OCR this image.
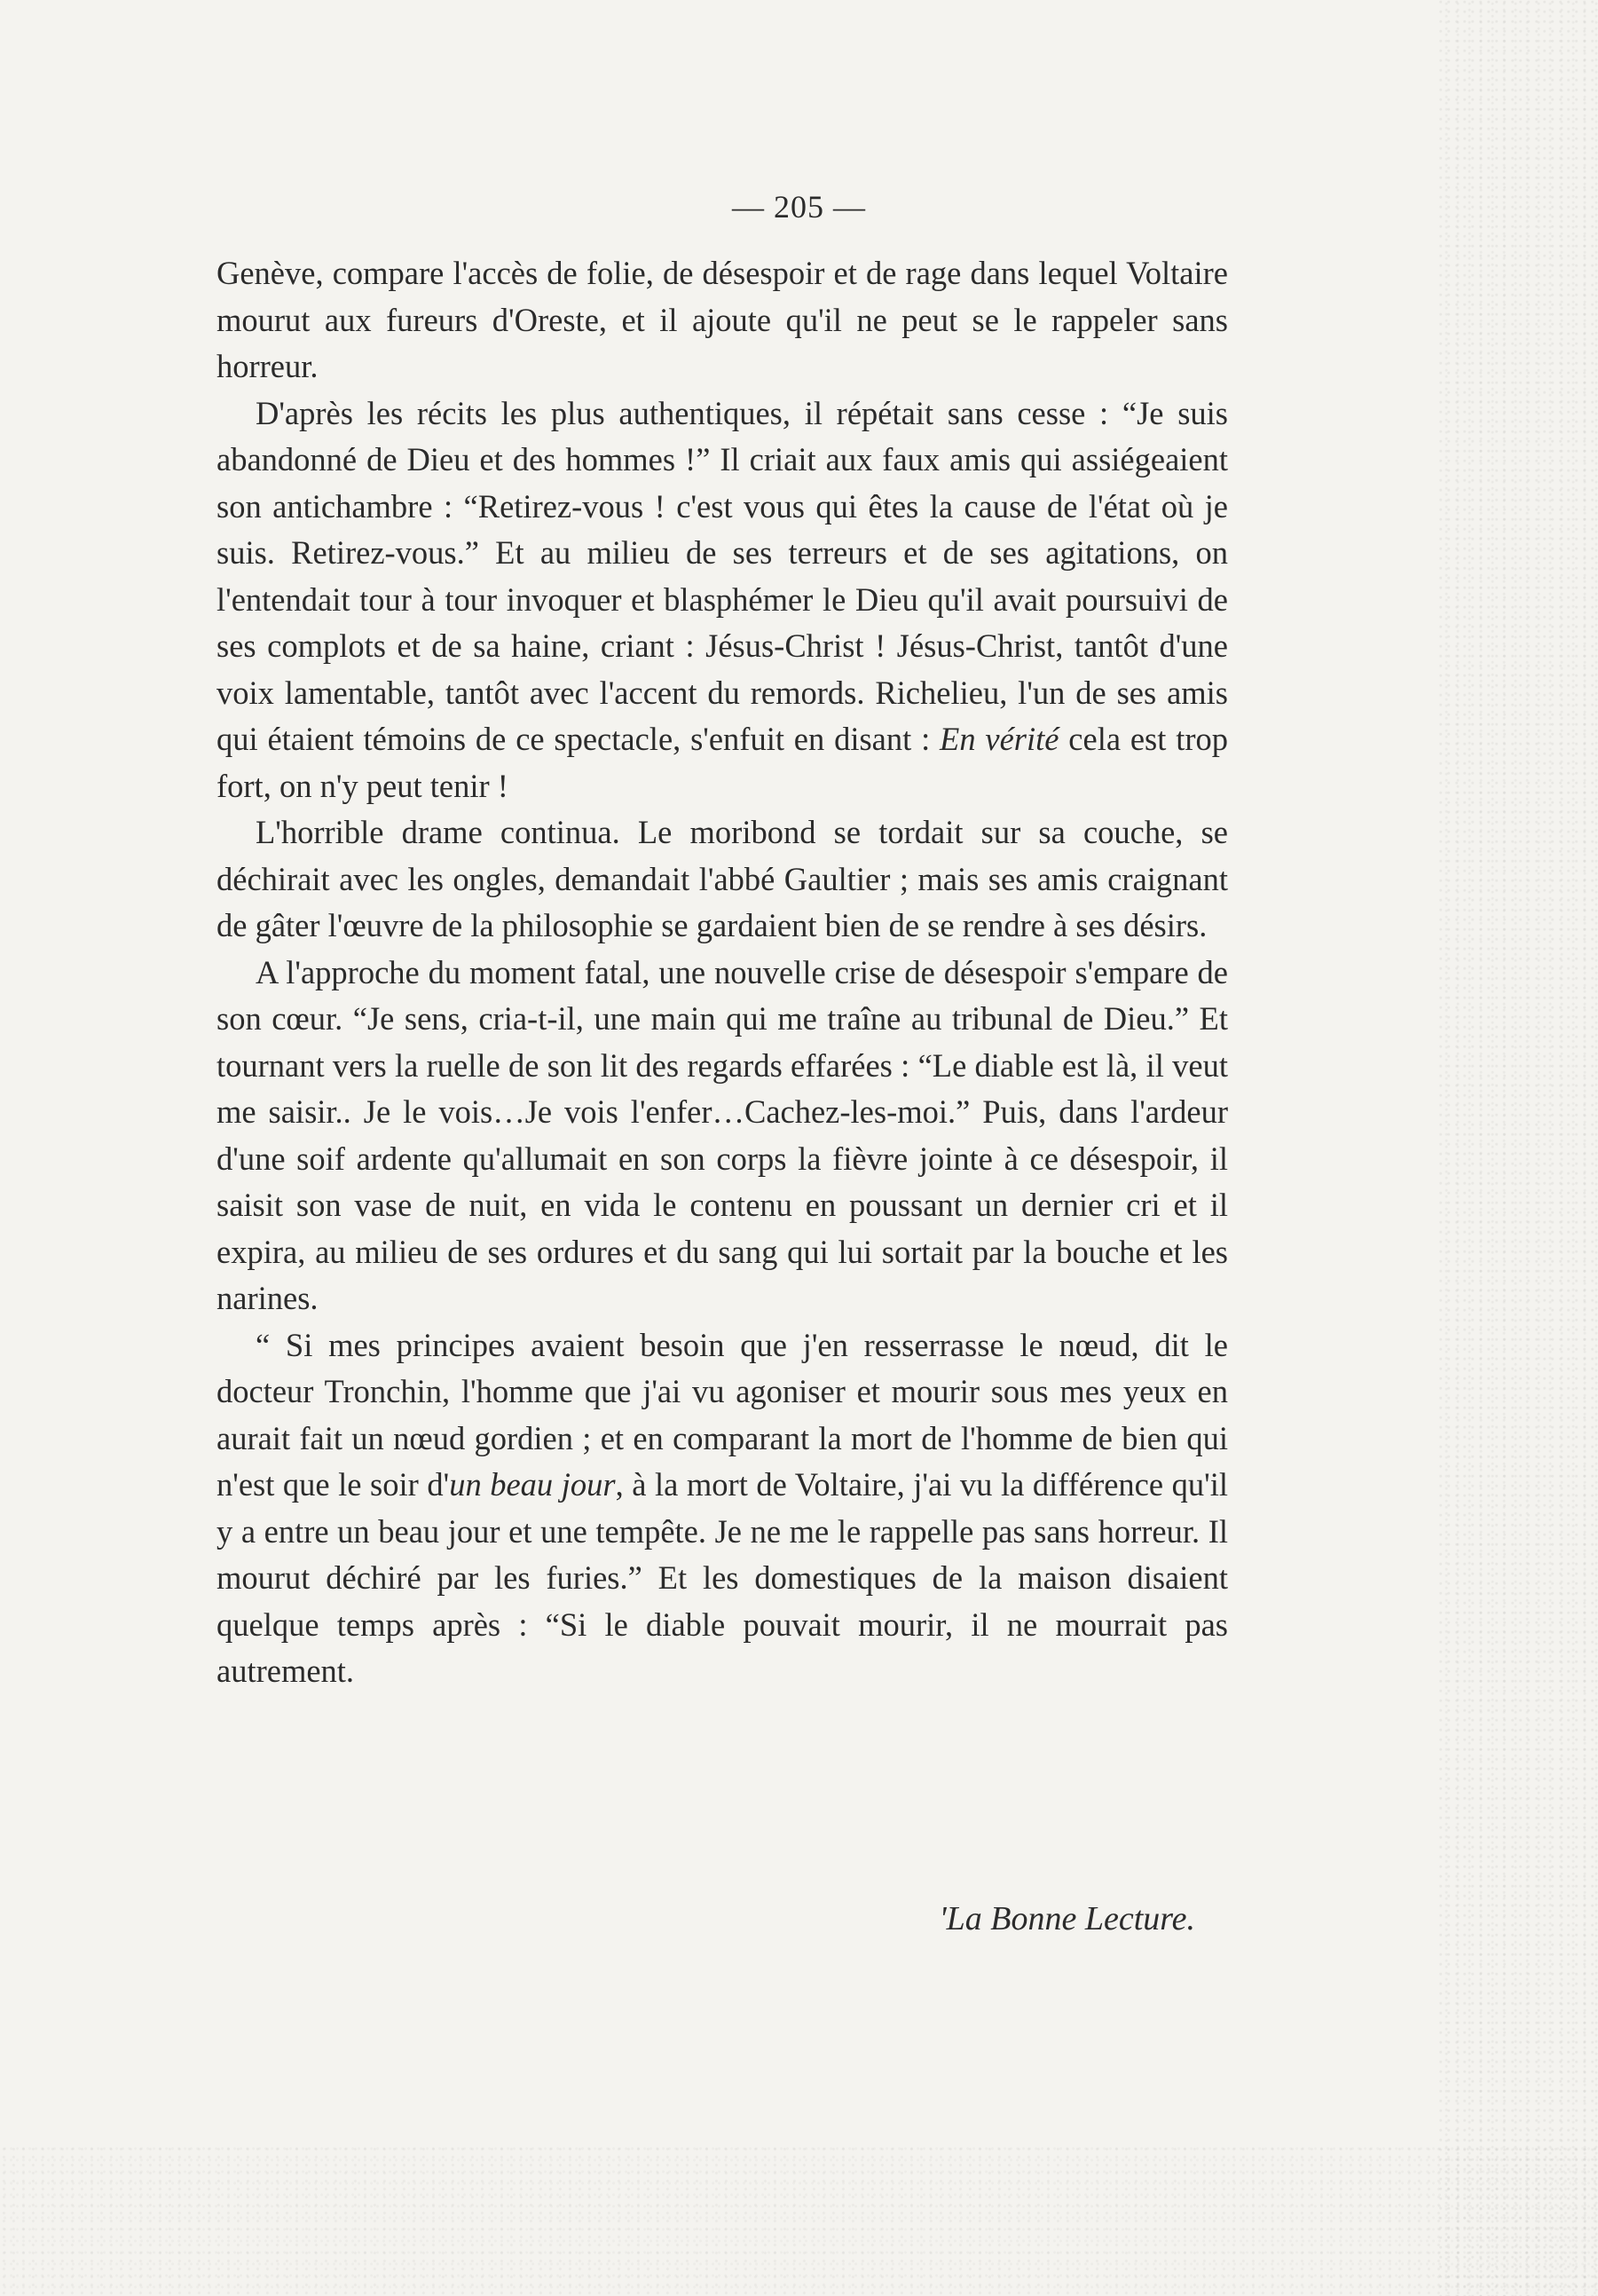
— 205 —

Genève, compare l'accès de folie, de désespoir et de rage dans lequel Voltaire mourut aux fureurs d'Oreste, et il ajoute qu'il ne peut se le rappeler sans horreur.

D'après les récits les plus authentiques, il répétait sans cesse : “Je suis abandonné de Dieu et des hommes !” Il criait aux faux amis qui assiégeaient son antichambre : “Retirez-vous ! c'est vous qui êtes la cause de l'état où je suis. Retirez-vous.” Et au milieu de ses terreurs et de ses agitations, on l'entendait tour à tour invoquer et blasphémer le Dieu qu'il avait poursuivi de ses complots et de sa haine, criant : Jésus-Christ ! Jésus-Christ, tantôt d'une voix lamentable, tantôt avec l'accent du remords. Richelieu, l'un de ses amis qui étaient témoins de ce spectacle, s'enfuit en disant : En vérité cela est trop fort, on n'y peut tenir !

L'horrible drame continua. Le moribond se tordait sur sa couche, se déchirait avec les ongles, demandait l'abbé Gaultier ; mais ses amis craignant de gâter l'œuvre de la philosophie se gardaient bien de se rendre à ses désirs.

A l'approche du moment fatal, une nouvelle crise de désespoir s'empare de son cœur. “Je sens, cria-t-il, une main qui me traîne au tribunal de Dieu.” Et tournant vers la ruelle de son lit des regards effarées : “Le diable est là, il veut me saisir.. Je le vois…Je vois l'enfer…Cachez-les-moi.” Puis, dans l'ardeur d'une soif ardente qu'allumait en son corps la fièvre jointe à ce désespoir, il saisit son vase de nuit, en vida le contenu en poussant un dernier cri et il expira, au milieu de ses ordures et du sang qui lui sortait par la bouche et les narines.

“ Si mes principes avaient besoin que j'en resserrasse le nœud, dit le docteur Tronchin, l'homme que j'ai vu agoniser et mourir sous mes yeux en aurait fait un nœud gordien ; et en comparant la mort de l'homme de bien qui n'est que le soir d'un beau jour, à la mort de Voltaire, j'ai vu la différence qu'il y a entre un beau jour et une tempête. Je ne me le rappelle pas sans horreur. Il mourut déchiré par les furies.” Et les domestiques de la maison disaient quelque temps après : “Si le diable pouvait mourir, il ne mourrait pas autrement.

'La Bonne Lecture.
